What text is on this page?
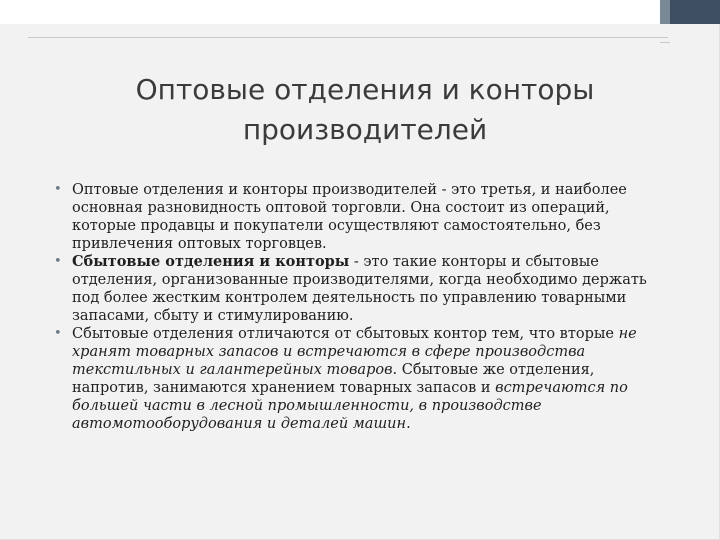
Оптовые отделения и конторы производителей
• Оптовые отделения и конторы производителей - это третья, и наиболее основная разновидность оптовой торговли. Она состоит из операций, которые продавцы и покупатели осуществляют самостоятельно, без привлечения оптовых торговцев.
• Сбытовые отделения и конторы - это такие конторы и сбытовые отделения, организованные производителями, когда необходимо держать под более жестким контролем деятельность по управлению товарными запасами, сбыту и стимулированию.
• Сбытовые отделения отличаются от сбытовых контор тем, что вторые не хранят товарных запасов и встречаются в сфере производства текстильных и галантерейных товаров. Сбытовые же отделения, напротив, занимаются хранением товарных запасов и встречаются по большей части в лесной промышленности, в производстве автомотооборудования и деталей машин.
